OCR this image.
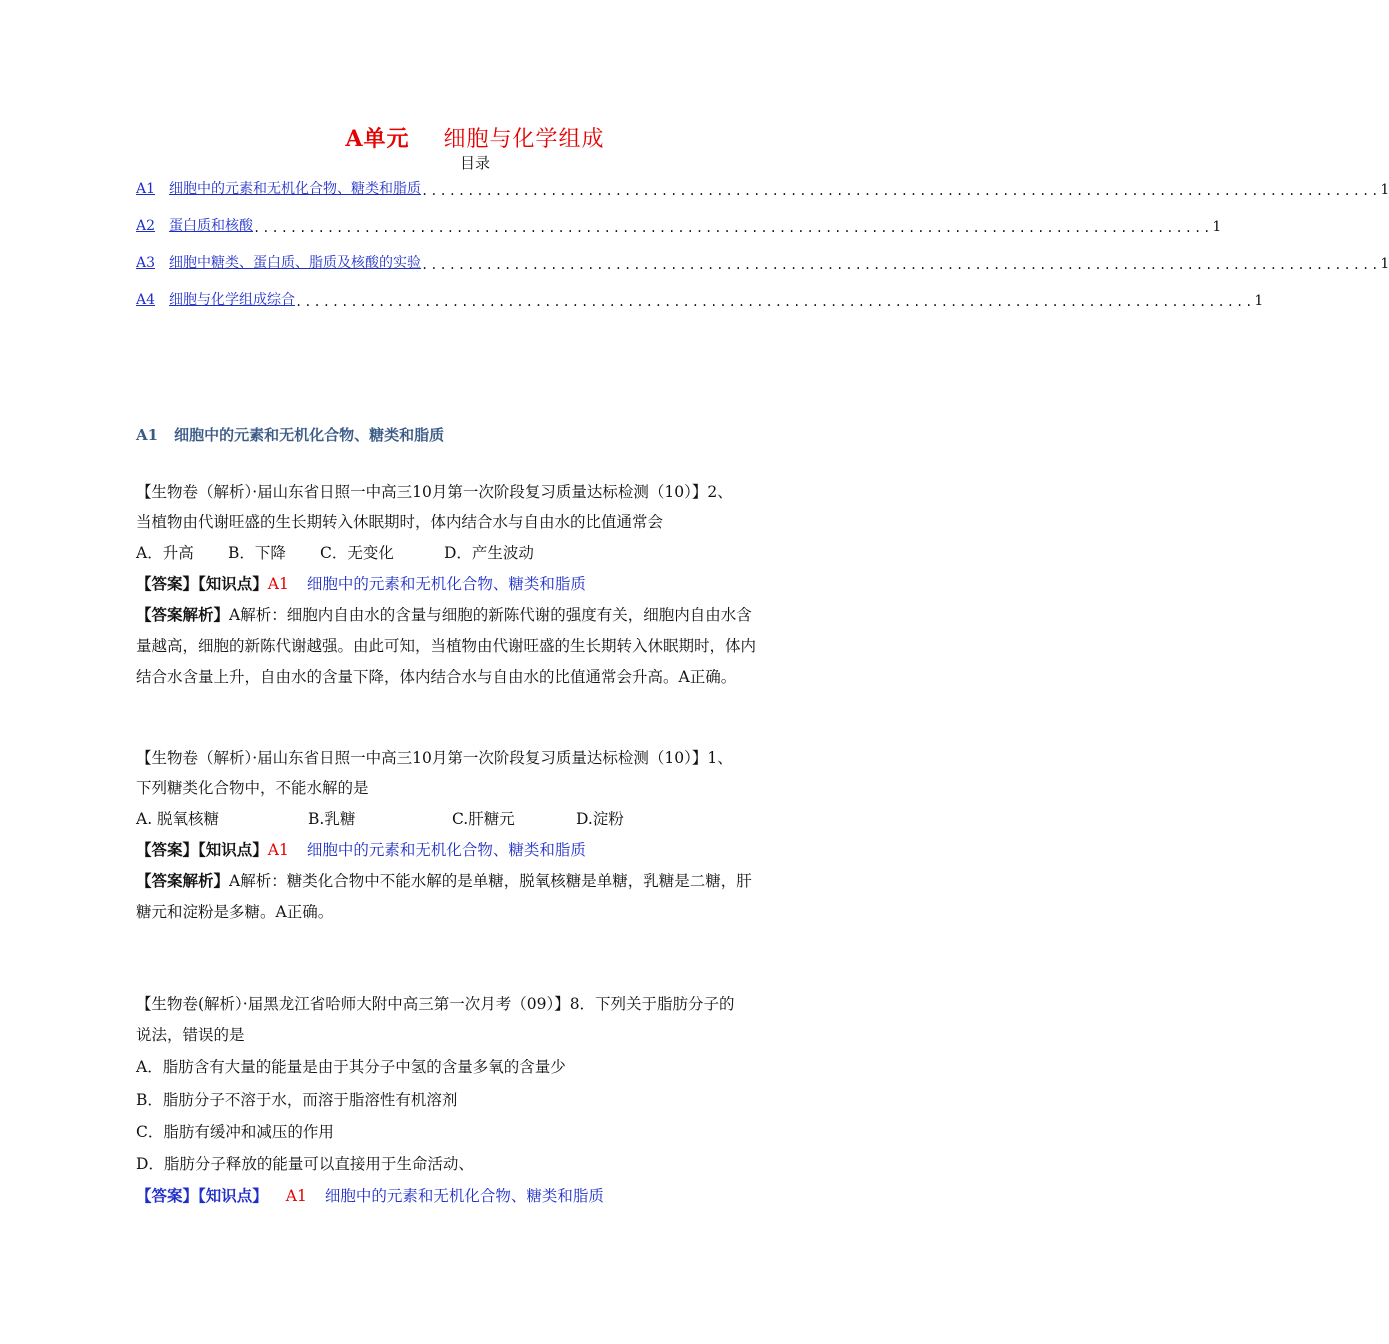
A单元 细胞与化学组成
目录
A1 细胞中的元素和无机化合物、糖类和脂质 ........................................................................................................ 1
A2 蛋白质和核酸 ........................................................................................................ 1
A3 细胞中糖类、蛋白质、脂质及核酸的实验 ........................................................................................................ 1
A4 细胞与化学组成综合 ........................................................................................................ 1
A1 细胞中的元素和无机化合物、糖类和脂质
【生物卷（解析）·届山东省日照一中高三10月第一次阶段复习质量达标检测（10）】2、
当植物由代谢旺盛的生长期转入休眠期时，体内结合水与自由水的比值通常会
A．升高 B．下降 C．无变化	D．产生波动
【答案】【知识点】A1 细胞中的元素和无机化合物、糖类和脂质
【答案解析】A解析：细胞内自由水的含量与细胞的新陈代谢的强度有关，细胞内自由水含
量越高，细胞的新陈代谢越强。由此可知，当植物由代谢旺盛的生长期转入休眠期时，体内
结合水含量上升，自由水的含量下降，体内结合水与自由水的比值通常会升高。A正确。
【生物卷（解析）·届山东省日照一中高三10月第一次阶段复习质量达标检测（10）】1、
下列糖类化合物中，不能水解的是
A. 脱氧核糖	B.乳糖	C.肝糖元	D.淀粉
【答案】【知识点】A1 细胞中的元素和无机化合物、糖类和脂质
【答案解析】A解析：糖类化合物中不能水解的是单糖，脱氧核糖是单糖，乳糖是二糖，肝
糖元和淀粉是多糖。A正确。
【生物卷(解析）·届黑龙江省哈师大附中高三第一次月考（09）】8．下列关于脂肪分子的
说法，错误的是
A．脂肪含有大量的能量是由于其分子中氢的含量多氧的含量少
B．脂肪分子不溶于水，而溶于脂溶性有机溶剂
C．脂肪有缓冲和减压的作用
D．脂肪分子释放的能量可以直接用于生命活动、
【答案】【知识点】 A1 细胞中的元素和无机化合物、糖类和脂质
